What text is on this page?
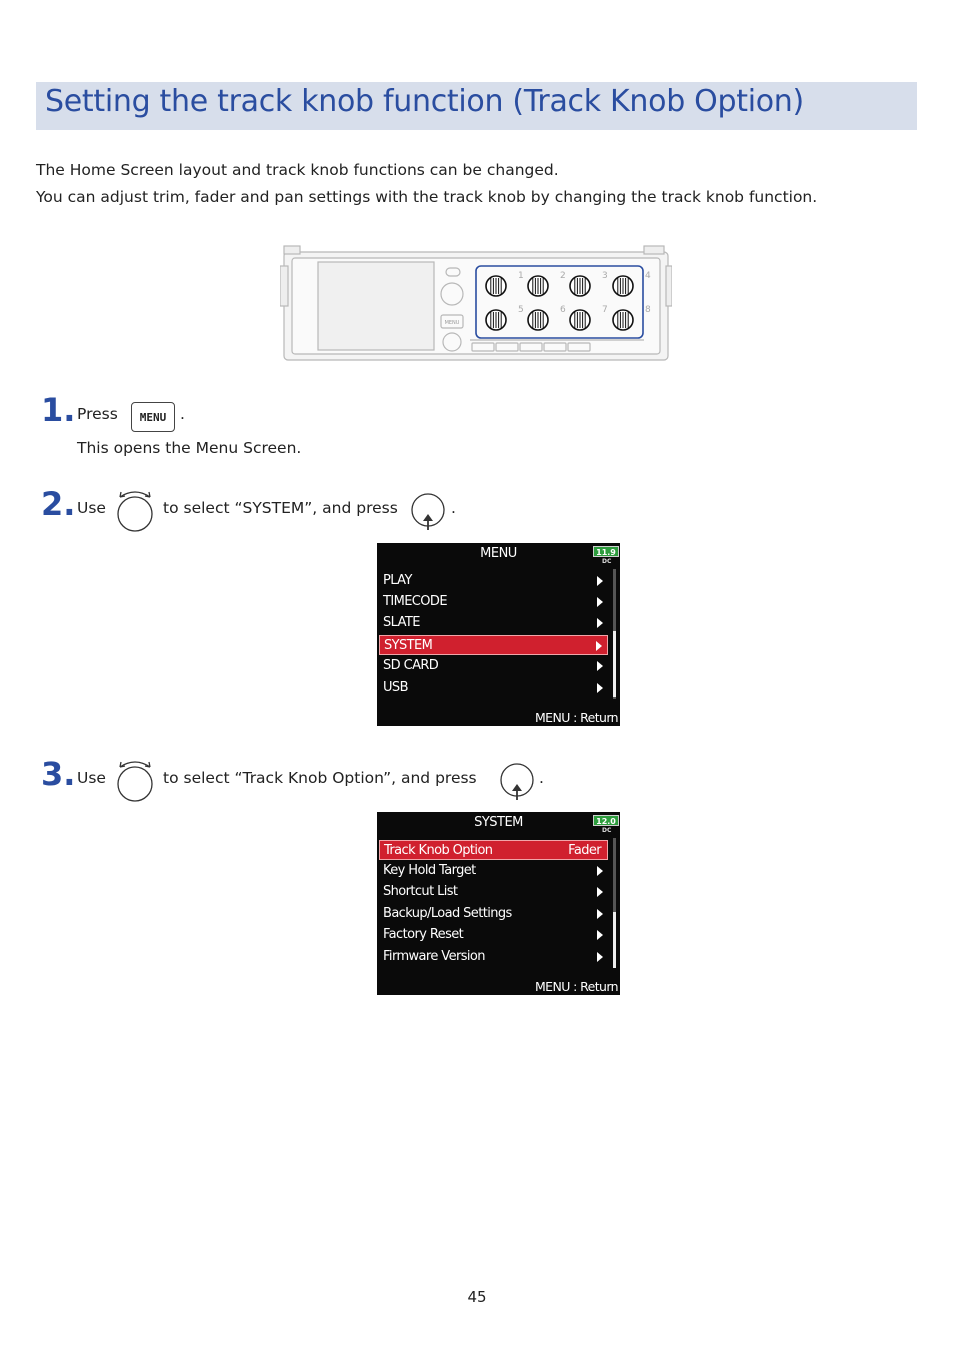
Setting the track knob function (Track Knob Option)

The Home Screen layout and track knob functions can be changed.

You can adjust trim, fader and pan settings with the track knob by changing the track knob function.

MENU
1	2	3	4
5	6	7	8
1. Press	MENU .
This opens the Menu Screen.
2. Use	to select “SYSTEM”, and press	.
MENU	11.9
DC
PLAY
TIMECODE
SLATE
SYSTEM
SD CARD
USB
MENU : Return
3. Use	to select “Track Knob Option”, and press	.
SYSTEM	12.0
DC
Track Knob Option	Fader
Key Hold Target
Shortcut List
Backup/Load Settings
Factory Reset
Firmware Version
MENU : Return
45
